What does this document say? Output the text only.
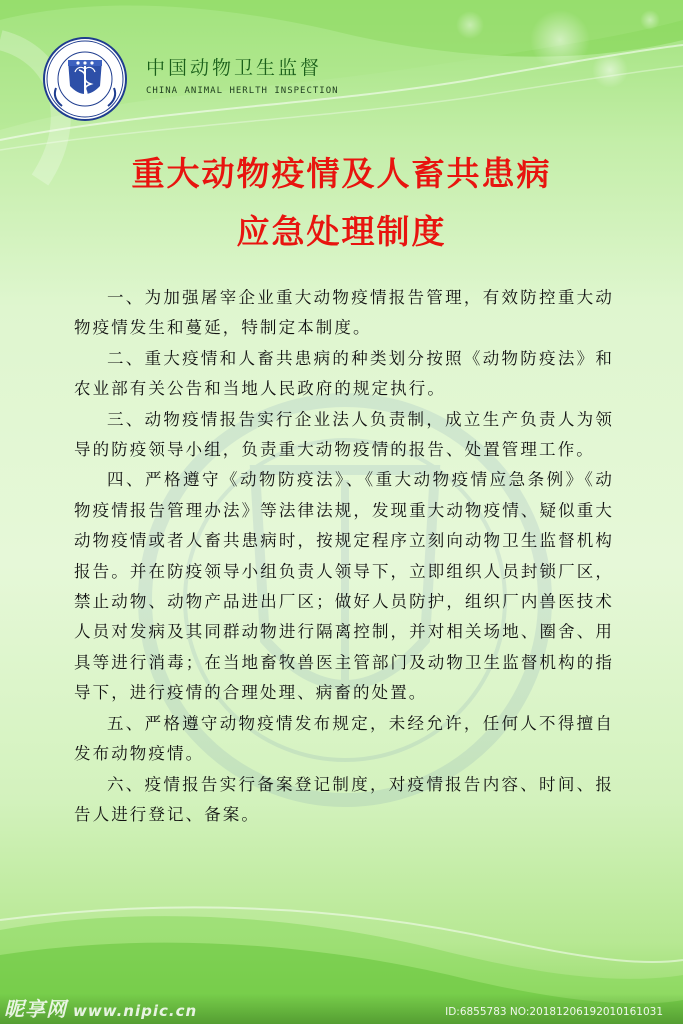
中国动物卫生监督
CHINA ANIMAL HERLTH INSPECTION
重大动物疫情及人畜共患病
应急处理制度

一、为加强屠宰企业重大动物疫情报告管理，有效防控重大动物疫情发生和蔓延，特制定本制度。

二、重大疫情和人畜共患病的种类划分按照《动物防疫法》和农业部有关公告和当地人民政府的规定执行。

三、动物疫情报告实行企业法人负责制，成立生产负责人为领导的防疫领导小组，负责重大动物疫情的报告、处置管理工作。

四、严格遵守《动物防疫法》、《重大动物疫情应急条例》《动物疫情报告管理办法》等法律法规，发现重大动物疫情、疑似重大动物疫情或者人畜共患病时，按规定程序立刻向动物卫生监督机构报告。并在防疫领导小组负责人领导下，立即组织人员封锁厂区，禁止动物、动物产品进出厂区；做好人员防护，组织厂内兽医技术人员对发病及其同群动物进行隔离控制，并对相关场地、圈舍、用具等进行消毒；在当地畜牧兽医主管部门及动物卫生监督机构的指导下，进行疫情的合理处理、病畜的处置。

五、严格遵守动物疫情发布规定，未经允许，任何人不得擅自发布动物疫情。

六、疫情报告实行备案登记制度，对疫情报告内容、时间、报告人进行登记、备案。

昵享网 www.nipic.cn	ID:6855783 NO:20181206192010161031
